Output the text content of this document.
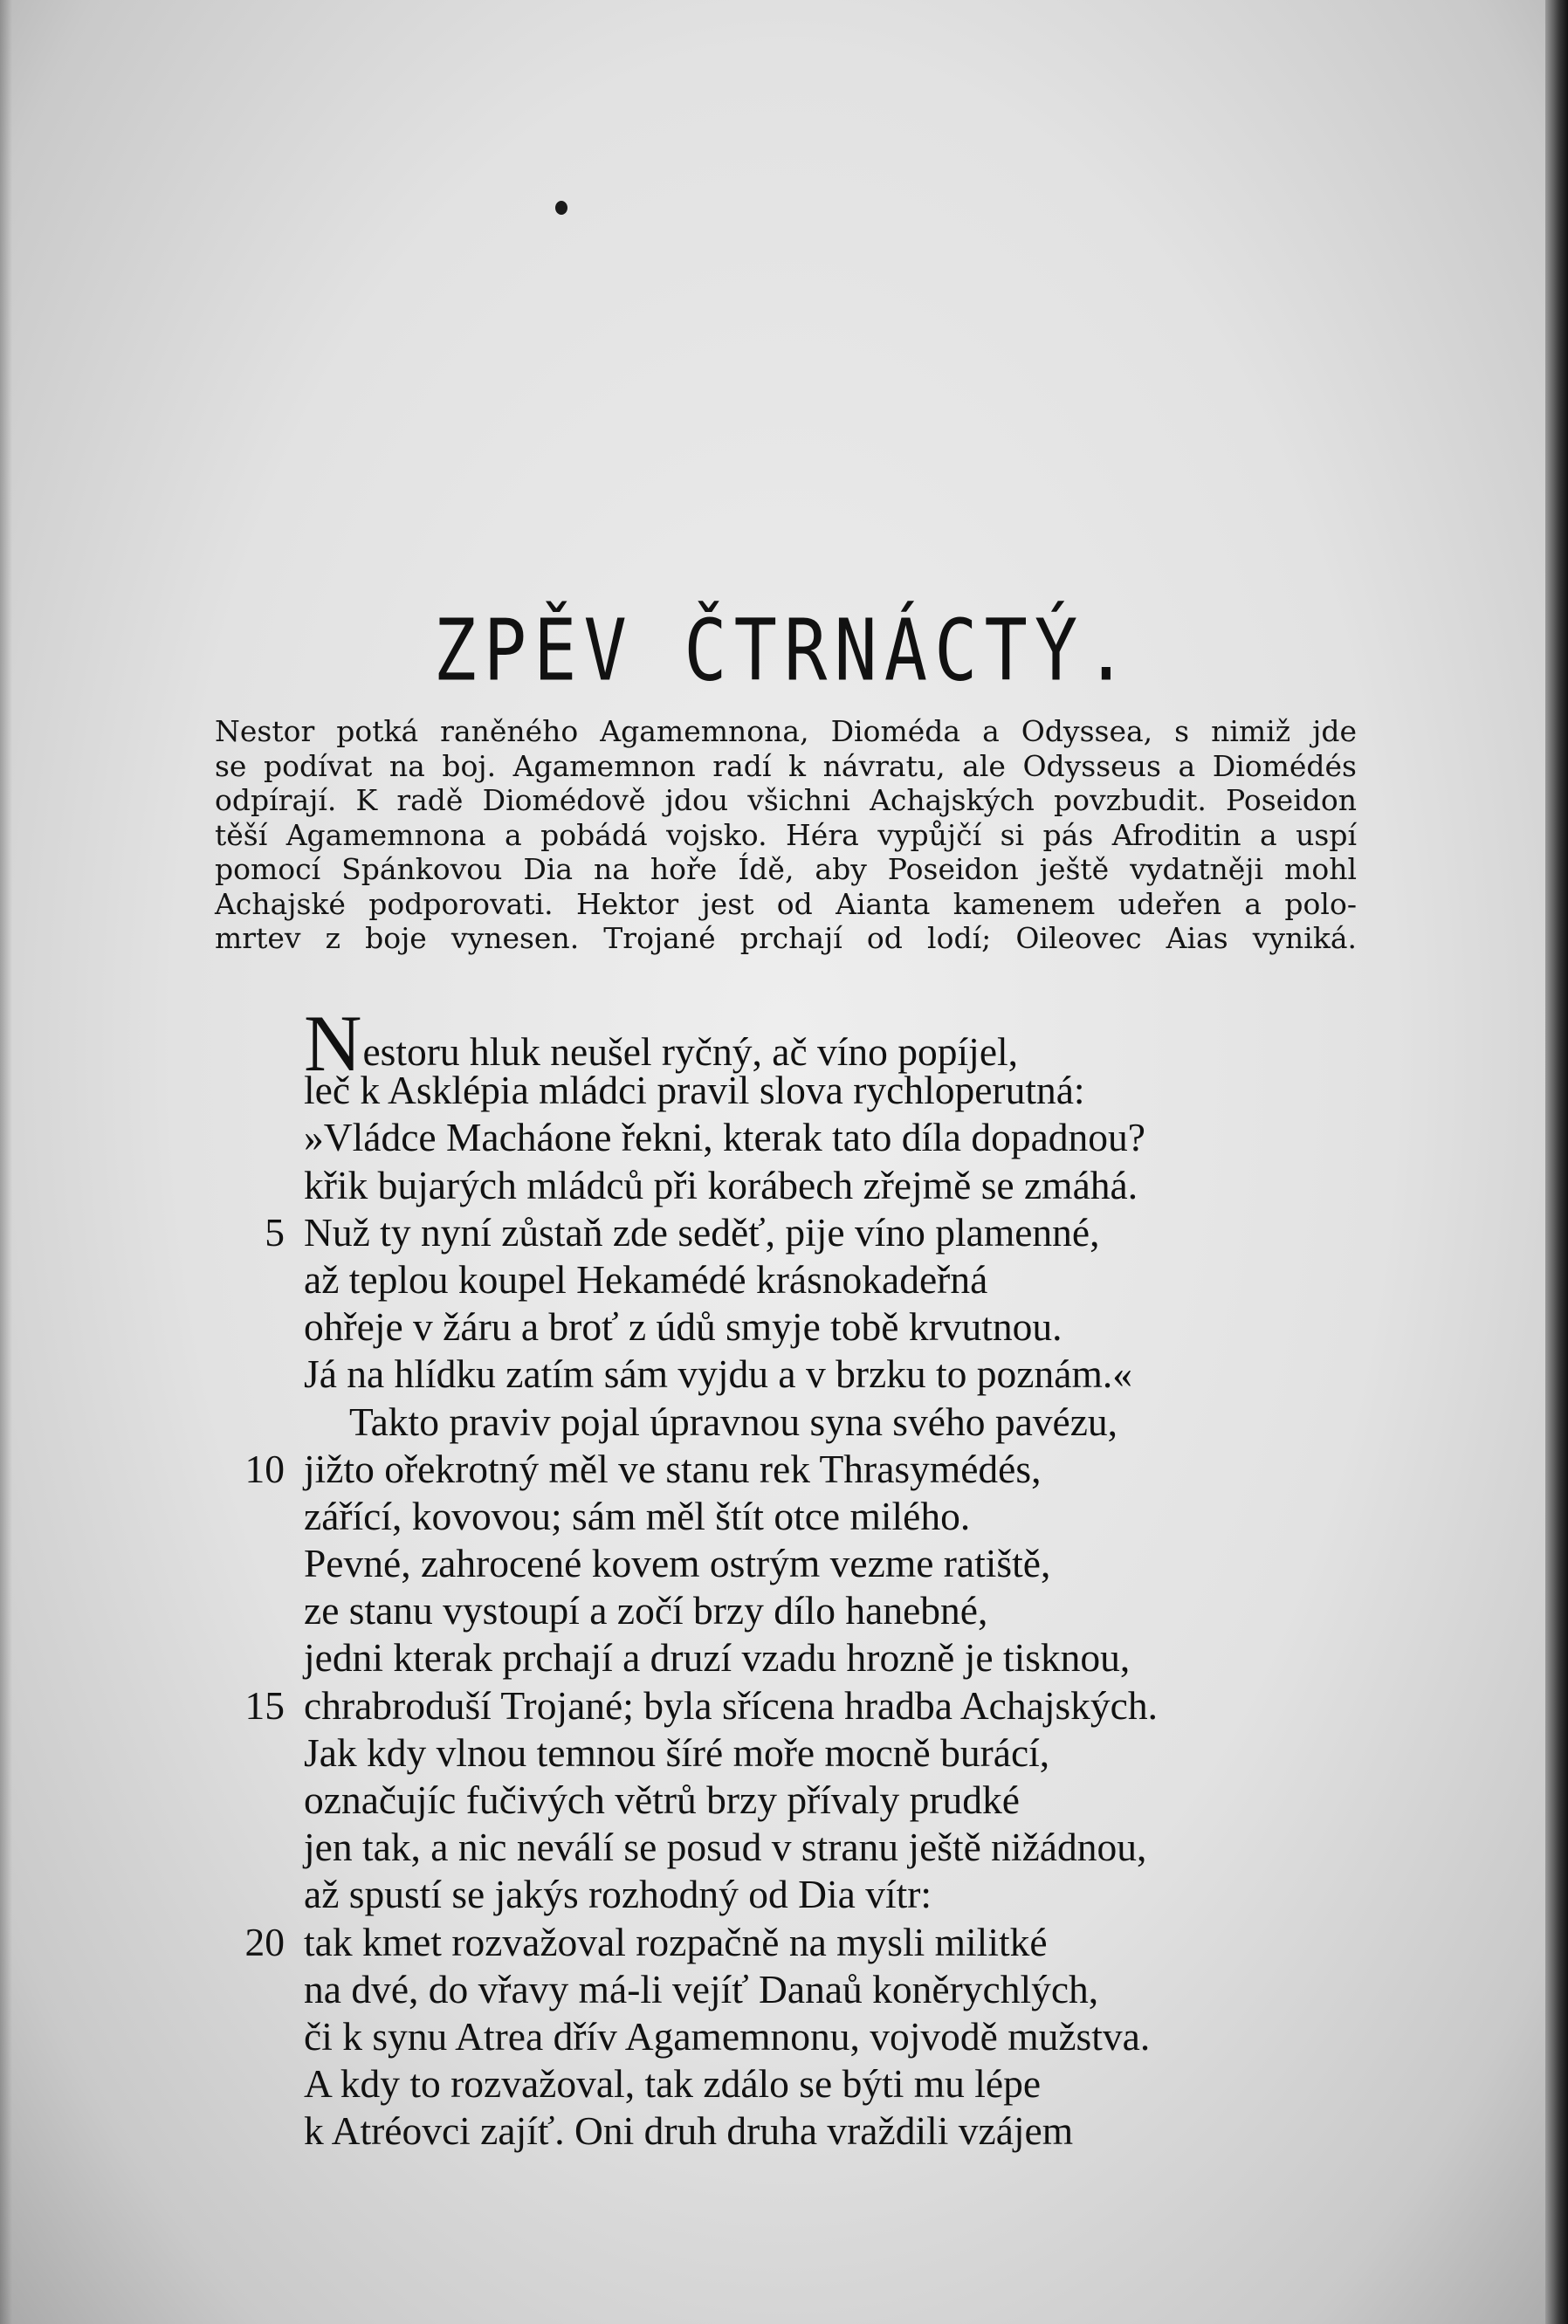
ZPĚV ČTRNÁCTÝ.

Nestor potká raněného Agamemnona, Dioméda a Odyssea, s nimiž jde
se podívat na boj. Agamemnon radí k návratu, ale Odysseus a Diomédés
odpírají. K radě Diomédově jdou všichni Achajských povzbudit. Poseidon
těší Agamemnona a pobádá vojsko. Héra vypůjčí si pás Afroditin a uspí
pomocí Spánkovou Dia na hoře Ídě, aby Poseidon ještě vydatněji mohl
Achajské podporovati. Hektor jest od Aianta kamenem udeřen a polo-
mrtev z boje vynesen. Trojané prchají od lodí; Oileovec Aias vyniká.

Nestoru hluk neušel ryčný, ač víno popíjel,
leč k Asklépia mládci pravil slova rychloperutná:
»Vládce Macháone řekni, kterak tato díla dopadnou?
křik bujarých mládců při korábech zřejmě se zmáhá.
5 Nuž ty nyní zůstaň zde seděť, pije víno plamenné,
až teplou koupel Hekamédé krásnokadeřná
ohřeje v žáru a broť z údů smyje tobě krvutnou.
Já na hlídku zatím sám vyjdu a v brzku to poznám.«
Takto praviv pojal úpravnou syna svého pavézu,
10 jižto ořekrotný měl ve stanu rek Thrasymédés,
zářící, kovovou; sám měl štít otce milého.
Pevné, zahrocené kovem ostrým vezme ratiště,
ze stanu vystoupí a zočí brzy dílo hanebné,
jedni kterak prchají a druzí vzadu hrozně je tisknou,
15 chrabroduší Trojané; byla sřícena hradba Achajských.
Jak kdy vlnou temnou šíré moře mocně burácí,
označujíc fučivých větrů brzy přívaly prudké
jen tak, a nic neválí se posud v stranu ještě nižádnou,
až spustí se jakýs rozhodný od Dia vítr:
20 tak kmet rozvažoval rozpačně na mysli militké
na dvé, do vřavy má-li vejíť Danaů koněrychlých,
či k synu Atrea dřív Agamemnonu, vojvodě mužstva.
A kdy to rozvažoval, tak zdálo se býti mu lépe
k Atréovci zajíť. Oni druh druha vraždili vzájem
